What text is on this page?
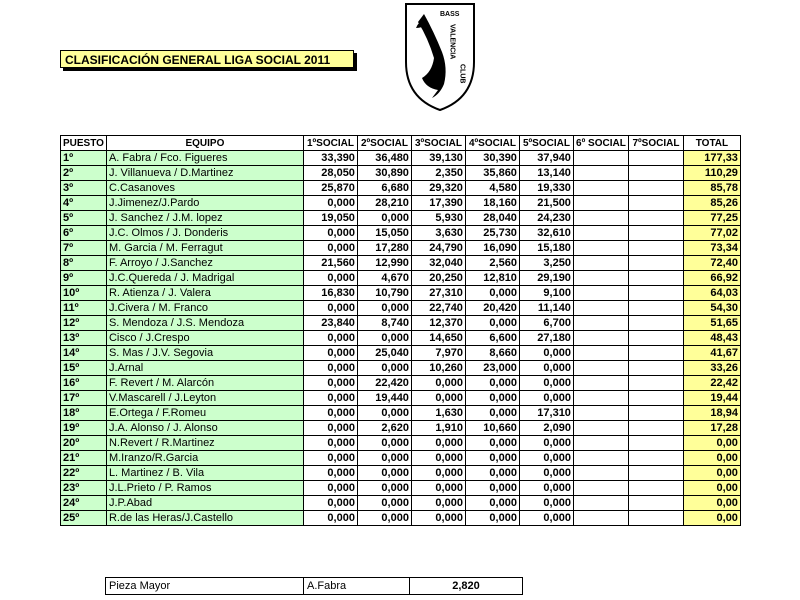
CLASIFICACIÓN GENERAL LIGA SOCIAL 2011
BASS
VALENCIA
CLUB
PUESTO	EQUIPO	1ºSOCIAL	2ºSOCIAL	3ºSOCIAL	4ºSOCIAL	5ºSOCIAL	6º SOCIAL	7ºSOCIAL	TOTAL
1º	A. Fabra / Fco. Figueres	33,390	36,480	39,130	30,390	37,940			177,33
2º	J. Villanueva / D.Martinez	28,050	30,890	2,350	35,860	13,140			110,29
3º	C.Casanoves	25,870	6,680	29,320	4,580	19,330			85,78
4º	J.Jimenez/J.Pardo	0,000	28,210	17,390	18,160	21,500			85,26
5º	J. Sanchez / J.M. lopez	19,050	0,000	5,930	28,040	24,230			77,25
6º	J.C. Olmos / J. Donderis	0,000	15,050	3,630	25,730	32,610			77,02
7º	M. Garcia / M. Ferragut	0,000	17,280	24,790	16,090	15,180			73,34
8º	F. Arroyo / J.Sanchez	21,560	12,990	32,040	2,560	3,250			72,40
9º	J.C.Quereda / J. Madrigal	0,000	4,670	20,250	12,810	29,190			66,92
10º	R. Atienza / J. Valera	16,830	10,790	27,310	0,000	9,100			64,03
11º	J.Civera / M. Franco	0,000	0,000	22,740	20,420	11,140			54,30
12º	S. Mendoza / J.S. Mendoza	23,840	8,740	12,370	0,000	6,700			51,65
13º	Cisco / J.Crespo	0,000	0,000	14,650	6,600	27,180			48,43
14º	S. Mas / J.V. Segovia	0,000	25,040	7,970	8,660	0,000			41,67
15º	J.Arnal	0,000	0,000	10,260	23,000	0,000			33,26
16º	F. Revert / M. Alarcón	0,000	22,420	0,000	0,000	0,000			22,42
17º	V.Mascarell / J.Leyton	0,000	19,440	0,000	0,000	0,000			19,44
18º	E.Ortega / F.Romeu	0,000	0,000	1,630	0,000	17,310			18,94
19º	J.A. Alonso / J. Alonso	0,000	2,620	1,910	10,660	2,090			17,28
20º	N.Revert / R.Martinez	0,000	0,000	0,000	0,000	0,000			0,00
21º	M.Iranzo/R.Garcia	0,000	0,000	0,000	0,000	0,000			0,00
22º	L. Martinez / B. Vila	0,000	0,000	0,000	0,000	0,000			0,00
23º	J.L.Prieto / P. Ramos	0,000	0,000	0,000	0,000	0,000			0,00
24º	J.P.Abad	0,000	0,000	0,000	0,000	0,000			0,00
25º	R.de las Heras/J.Castello	0,000	0,000	0,000	0,000	0,000			0,00
Pieza Mayor	A.Fabra	2,820
